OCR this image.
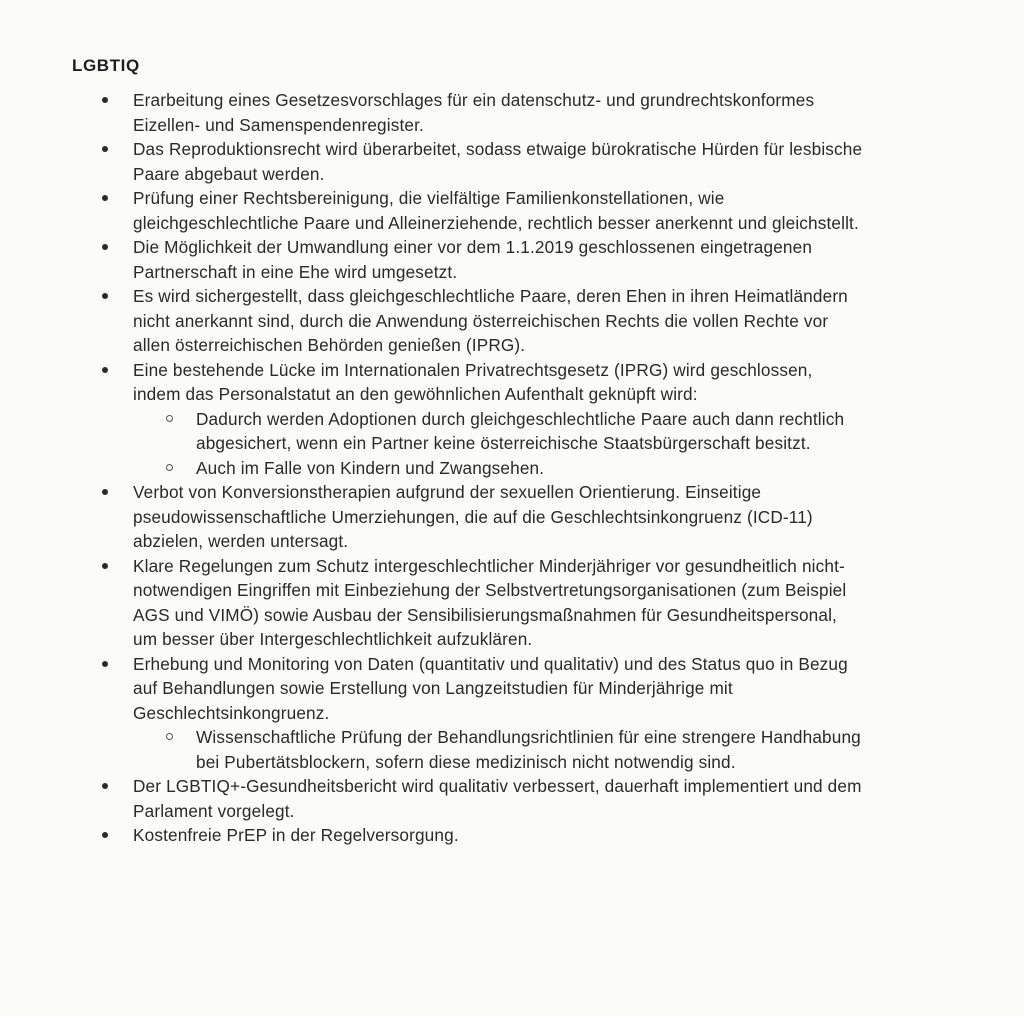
LGBTIQ
Erarbeitung eines Gesetzesvorschlages für ein datenschutz- und grundrechtskonformes Eizellen- und Samenspendenregister.
Das Reproduktionsrecht wird überarbeitet, sodass etwaige bürokratische Hürden für lesbische Paare abgebaut werden.
Prüfung einer Rechtsbereinigung, die vielfältige Familienkonstellationen, wie gleichgeschlechtliche Paare und Alleinerziehende, rechtlich besser anerkennt und gleichstellt.
Die Möglichkeit der Umwandlung einer vor dem 1.1.2019 geschlossenen eingetragenen Partnerschaft in eine Ehe wird umgesetzt.
Es wird sichergestellt, dass gleichgeschlechtliche Paare, deren Ehen in ihren Heimatländern nicht anerkannt sind, durch die Anwendung österreichischen Rechts die vollen Rechte vor allen österreichischen Behörden genießen (IPRG).
Eine bestehende Lücke im Internationalen Privatrechtsgesetz (IPRG) wird geschlossen, indem das Personalstatut an den gewöhnlichen Aufenthalt geknüpft wird:
Dadurch werden Adoptionen durch gleichgeschlechtliche Paare auch dann rechtlich abgesichert, wenn ein Partner keine österreichische Staatsbürgerschaft besitzt.
Auch im Falle von Kindern und Zwangsehen.
Verbot von Konversionstherapien aufgrund der sexuellen Orientierung. Einseitige pseudowissenschaftliche Umerziehungen, die auf die Geschlechtsinkongruenz (ICD-11) abzielen, werden untersagt.
Klare Regelungen zum Schutz intergeschlechtlicher Minderjähriger vor gesundheitlich nicht-notwendigen Eingriffen mit Einbeziehung der Selbstvertretungsorganisationen (zum Beispiel AGS und VIMÖ) sowie Ausbau der Sensibilisierungsmaßnahmen für Gesundheitspersonal, um besser über Intergeschlechtlichkeit aufzuklären.
Erhebung und Monitoring von Daten (quantitativ und qualitativ) und des Status quo in Bezug auf Behandlungen sowie Erstellung von Langzeitstudien für Minderjährige mit Geschlechtsinkongruenz.
Wissenschaftliche Prüfung der Behandlungsrichtlinien für eine strengere Handhabung bei Pubertätsblockern, sofern diese medizinisch nicht notwendig sind.
Der LGBTIQ+-Gesundheitsbericht wird qualitativ verbessert, dauerhaft implementiert und dem Parlament vorgelegt.
Kostenfreie PrEP in der Regelversorgung.
